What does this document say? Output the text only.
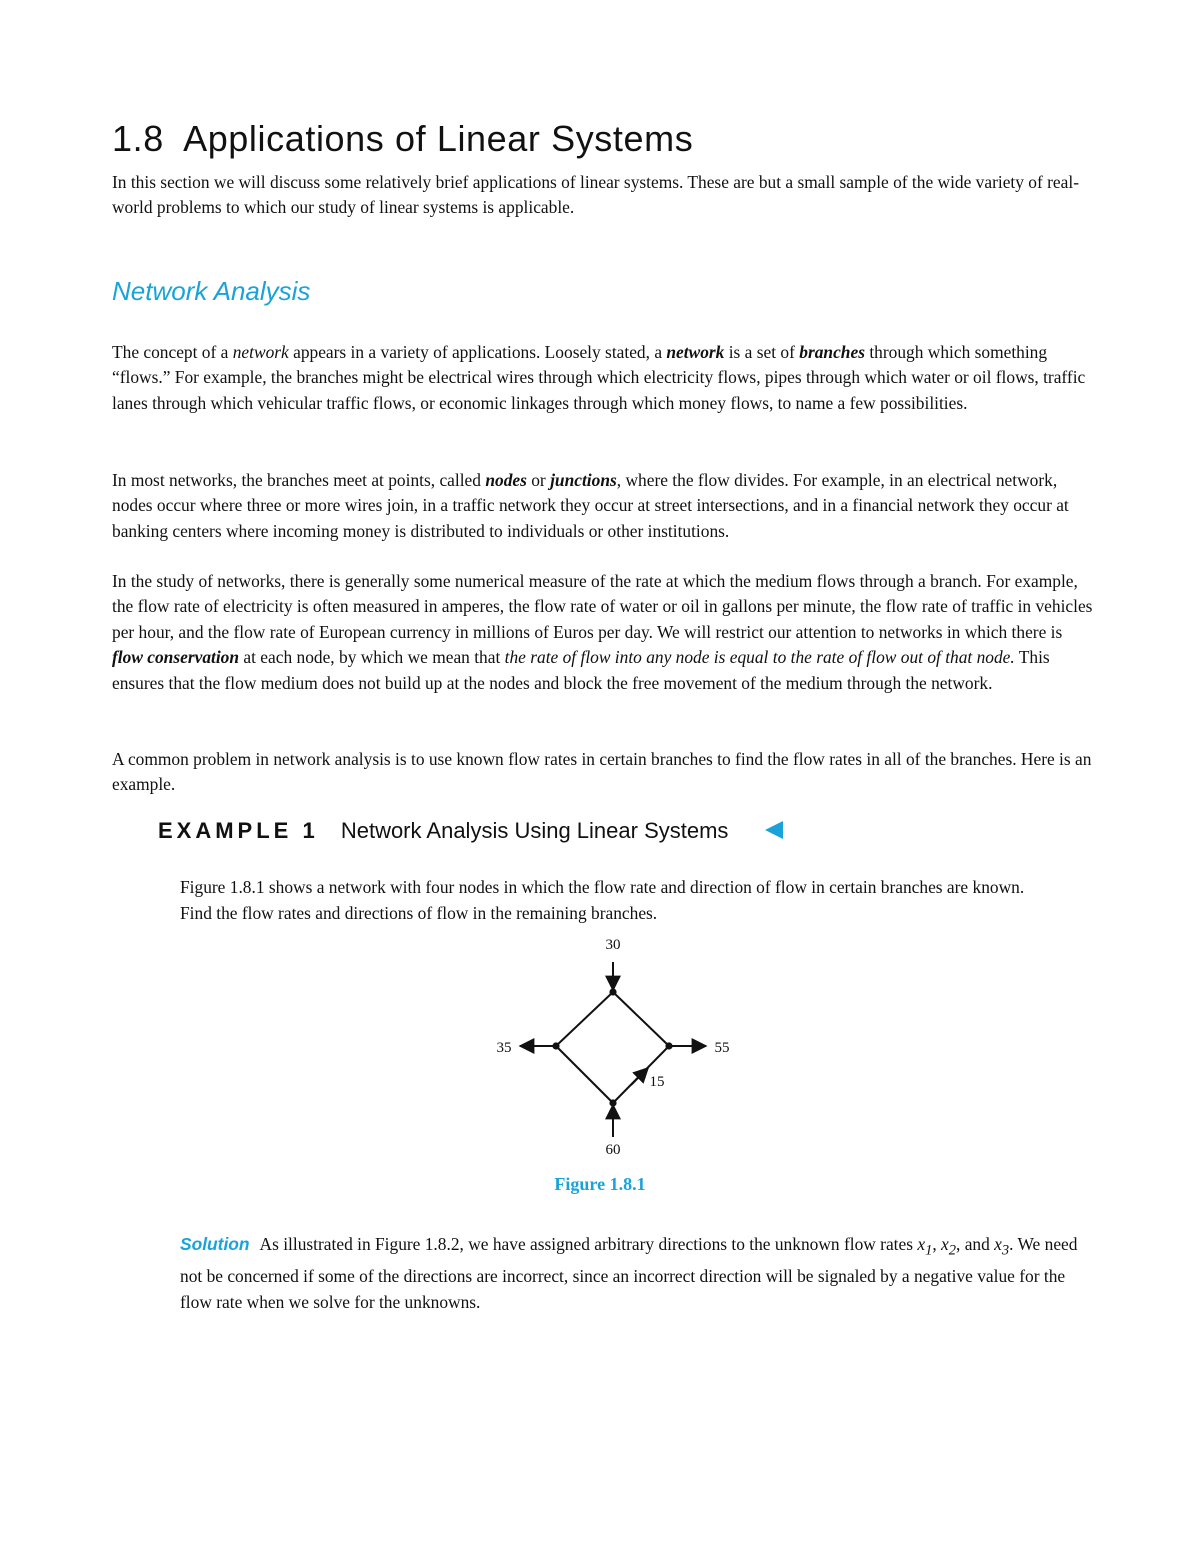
1.8 Applications of Linear Systems

In this section we will discuss some relatively brief applications of linear systems. These are but a small sample of the wide variety of real-world problems to which our study of linear systems is applicable.

Network Analysis

The concept of a network appears in a variety of applications. Loosely stated, a network is a set of branches through which something “flows.” For example, the branches might be electrical wires through which electricity flows, pipes through which water or oil flows, traffic lanes through which vehicular traffic flows, or economic linkages through which money flows, to name a few possibilities.

In most networks, the branches meet at points, called nodes or junctions, where the flow divides. For example, in an electrical network, nodes occur where three or more wires join, in a traffic network they occur at street intersections, and in a financial network they occur at banking centers where incoming money is distributed to individuals or other institutions.

In the study of networks, there is generally some numerical measure of the rate at which the medium flows through a branch. For example, the flow rate of electricity is often measured in amperes, the flow rate of water or oil in gallons per minute, the flow rate of traffic in vehicles per hour, and the flow rate of European currency in millions of Euros per day. We will restrict our attention to networks in which there is flow conservation at each node, by which we mean that the rate of flow into any node is equal to the rate of flow out of that node. This ensures that the flow medium does not build up at the nodes and block the free movement of the medium through the network.

A common problem in network analysis is to use known flow rates in certain branches to find the flow rates in all of the branches. Here is an example.

EXAMPLE 1 Network Analysis Using Linear Systems

Figure 1.8.1 shows a network with four nodes in which the flow rate and direction of flow in certain branches are known. Find the flow rates and directions of flow in the remaining branches.

30
35	55
60
15
Figure 1.8.1

Solution As illustrated in Figure 1.8.2, we have assigned arbitrary directions to the unknown flow rates $x_1$, $x_2$, and $x_3$. We need not be concerned if some of the directions are incorrect, since an incorrect direction will be signaled by a negative value for the flow rate when we solve for the unknowns.
